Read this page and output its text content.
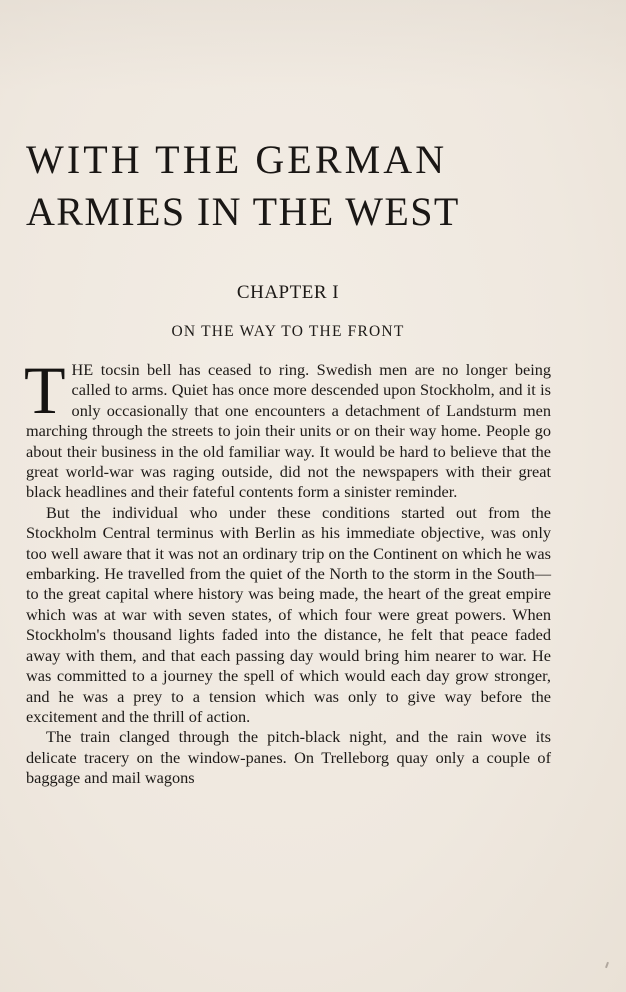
WITH THE GERMAN
ARMIES IN THE WEST
CHAPTER I
ON THE WAY TO THE FRONT

THE tocsin bell has ceased to ring. Swedish men are no longer being called to arms. Quiet has once more descended upon Stockholm, and it is only occasionally that one encounters a detachment of Landsturm men marching through the streets to join their units or on their way home. People go about their business in the old familiar way. It would be hard to believe that the great world-war was raging outside, did not the newspapers with their great black headlines and their fateful contents form a sinister reminder.

But the individual who under these conditions started out from the Stockholm Central terminus with Berlin as his immediate objective, was only too well aware that it was not an ordinary trip on the Continent on which he was embarking. He travelled from the quiet of the North to the storm in the South—to the great capital where history was being made, the heart of the great empire which was at war with seven states, of which four were great powers. When Stockholm's thousand lights faded into the distance, he felt that peace faded away with them, and that each passing day would bring him nearer to war. He was committed to a journey the spell of which would each day grow stronger, and he was a prey to a tension which was only to give way before the excitement and the thrill of action.

The train clanged through the pitch-black night, and the rain wove its delicate tracery on the window-panes. On Trelleborg quay only a couple of baggage and mail wagons
